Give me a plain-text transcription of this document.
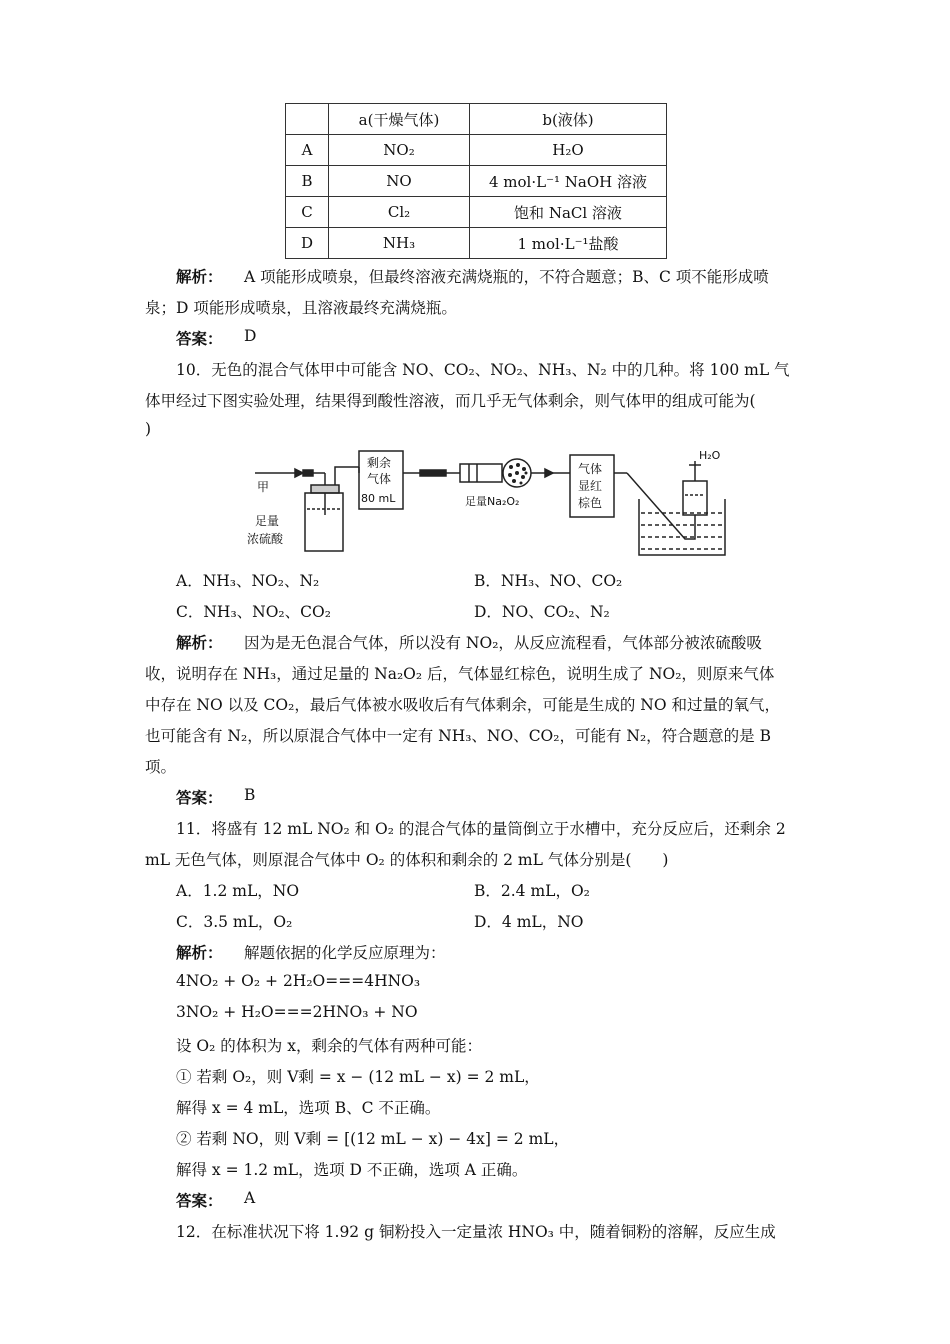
	a(干燥气体)	b(液体)
A	NO₂	H₂O
B	NO	4 mol·L⁻¹ NaOH 溶液
C	Cl₂	饱和 NaCl 溶液
D	NH₃	1 mol·L⁻¹盐酸
解析： A 项能形成喷泉，但最终溶液充满烧瓶的，不符合题意；B、C 项不能形成喷
泉；D 项能形成喷泉，且溶液最终充满烧瓶。
答案： D
10．无色的混合气体甲中可能含 NO、CO₂、NO₂、NH₃、N₂ 中的几种。将 100 mL 气
体甲经过下图实验处理，结果得到酸性溶液，而几乎无气体剩余，则气体甲的组成可能为(
)
甲
足量
浓硫酸
剩余
气体
80 mL	足量Na₂O₂
气体
显红
棕色
H₂O
A．NH₃、NO₂、N₂	B．NH₃、NO、CO₂
C．NH₃、NO₂、CO₂	D．NO、CO₂、N₂
解析： 因为是无色混合气体，所以没有 NO₂，从反应流程看，气体部分被浓硫酸吸
收，说明存在 NH₃，通过足量的 Na₂O₂ 后，气体显红棕色，说明生成了 NO₂，则原来气体
中存在 NO 以及 CO₂，最后气体被水吸收后有气体剩余，可能是生成的 NO 和过量的氧气，
也可能含有 N₂，所以原混合气体中一定有 NH₃、NO、CO₂，可能有 N₂，符合题意的是 B
项。
答案： B
11．将盛有 12 mL NO₂ 和 O₂ 的混合气体的量筒倒立于水槽中，充分反应后，还剩余 2
mL 无色气体，则原混合气体中 O₂ 的体积和剩余的 2 mL 气体分别是(　　)
A．1.2 mL，NO	B．2.4 mL，O₂
C．3.5 mL，O₂	D．4 mL，NO
解析： 解题依据的化学反应原理为：
4NO₂ + O₂ + 2H₂O===4HNO₃
3NO₂ + H₂O===2HNO₃ + NO
设 O₂ 的体积为 x，剩余的气体有两种可能：
① 若剩 O₂，则 V剩 = x − (12 mL − x) = 2 mL，
解得 x = 4 mL，选项 B、C 不正确。
② 若剩 NO，则 V剩 = [(12 mL − x) − 4x] = 2 mL，
解得 x = 1.2 mL，选项 D 不正确，选项 A 正确。
答案： A
12．在标准状况下将 1.92 g 铜粉投入一定量浓 HNO₃ 中，随着铜粉的溶解，反应生成
